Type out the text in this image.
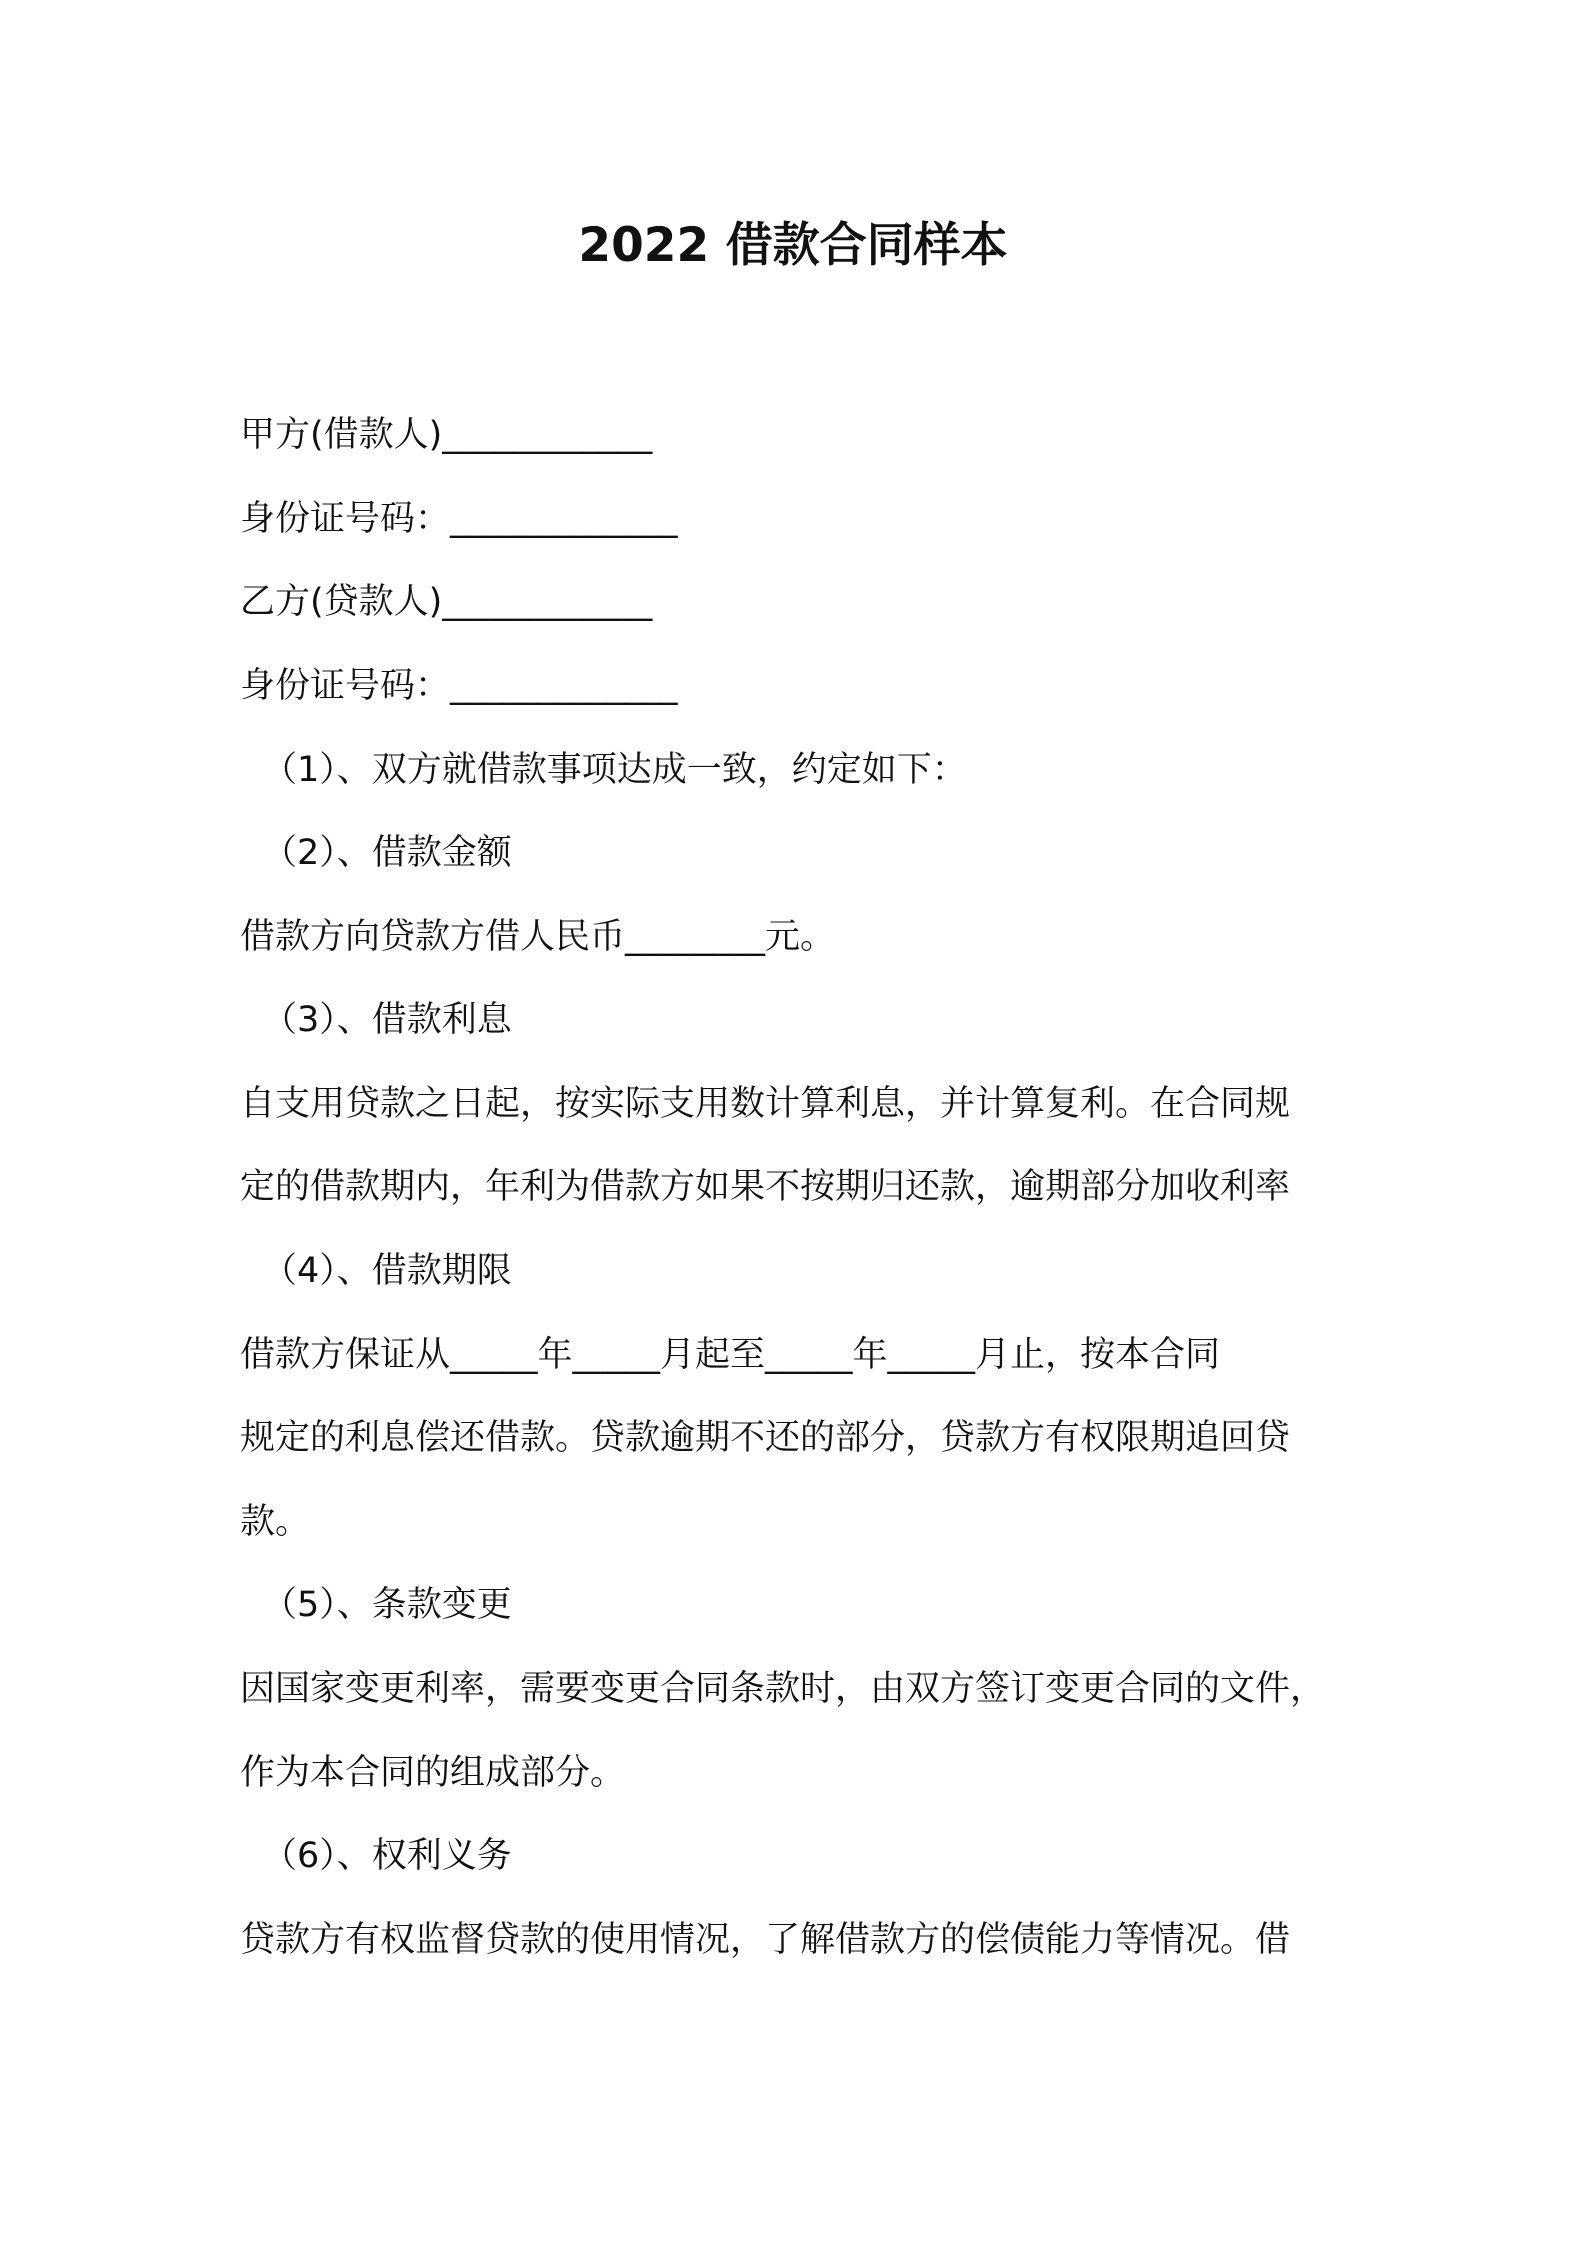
2022 借款合同样本
甲方(借款人)____________
身份证号码：_____________
乙方(贷款人)____________
身份证号码：_____________
（1）、双方就借款事项达成一致，约定如下：
（2）、借款金额
借款方向贷款方借人民币________元。
（3）、借款利息
自支用贷款之日起，按实际支用数计算利息，并计算复利。在合同规
定的借款期内，年利为借款方如果不按期归还款，逾期部分加收利率
（4）、借款期限
借款方保证从_____年_____月起至_____年_____月止，按本合同
规定的利息偿还借款。贷款逾期不还的部分，贷款方有权限期追回贷
款。
（5）、条款变更
因国家变更利率，需要变更合同条款时，由双方签订变更合同的文件，
作为本合同的组成部分。
（6）、权利义务
贷款方有权监督贷款的使用情况，了解借款方的偿债能力等情况。借
